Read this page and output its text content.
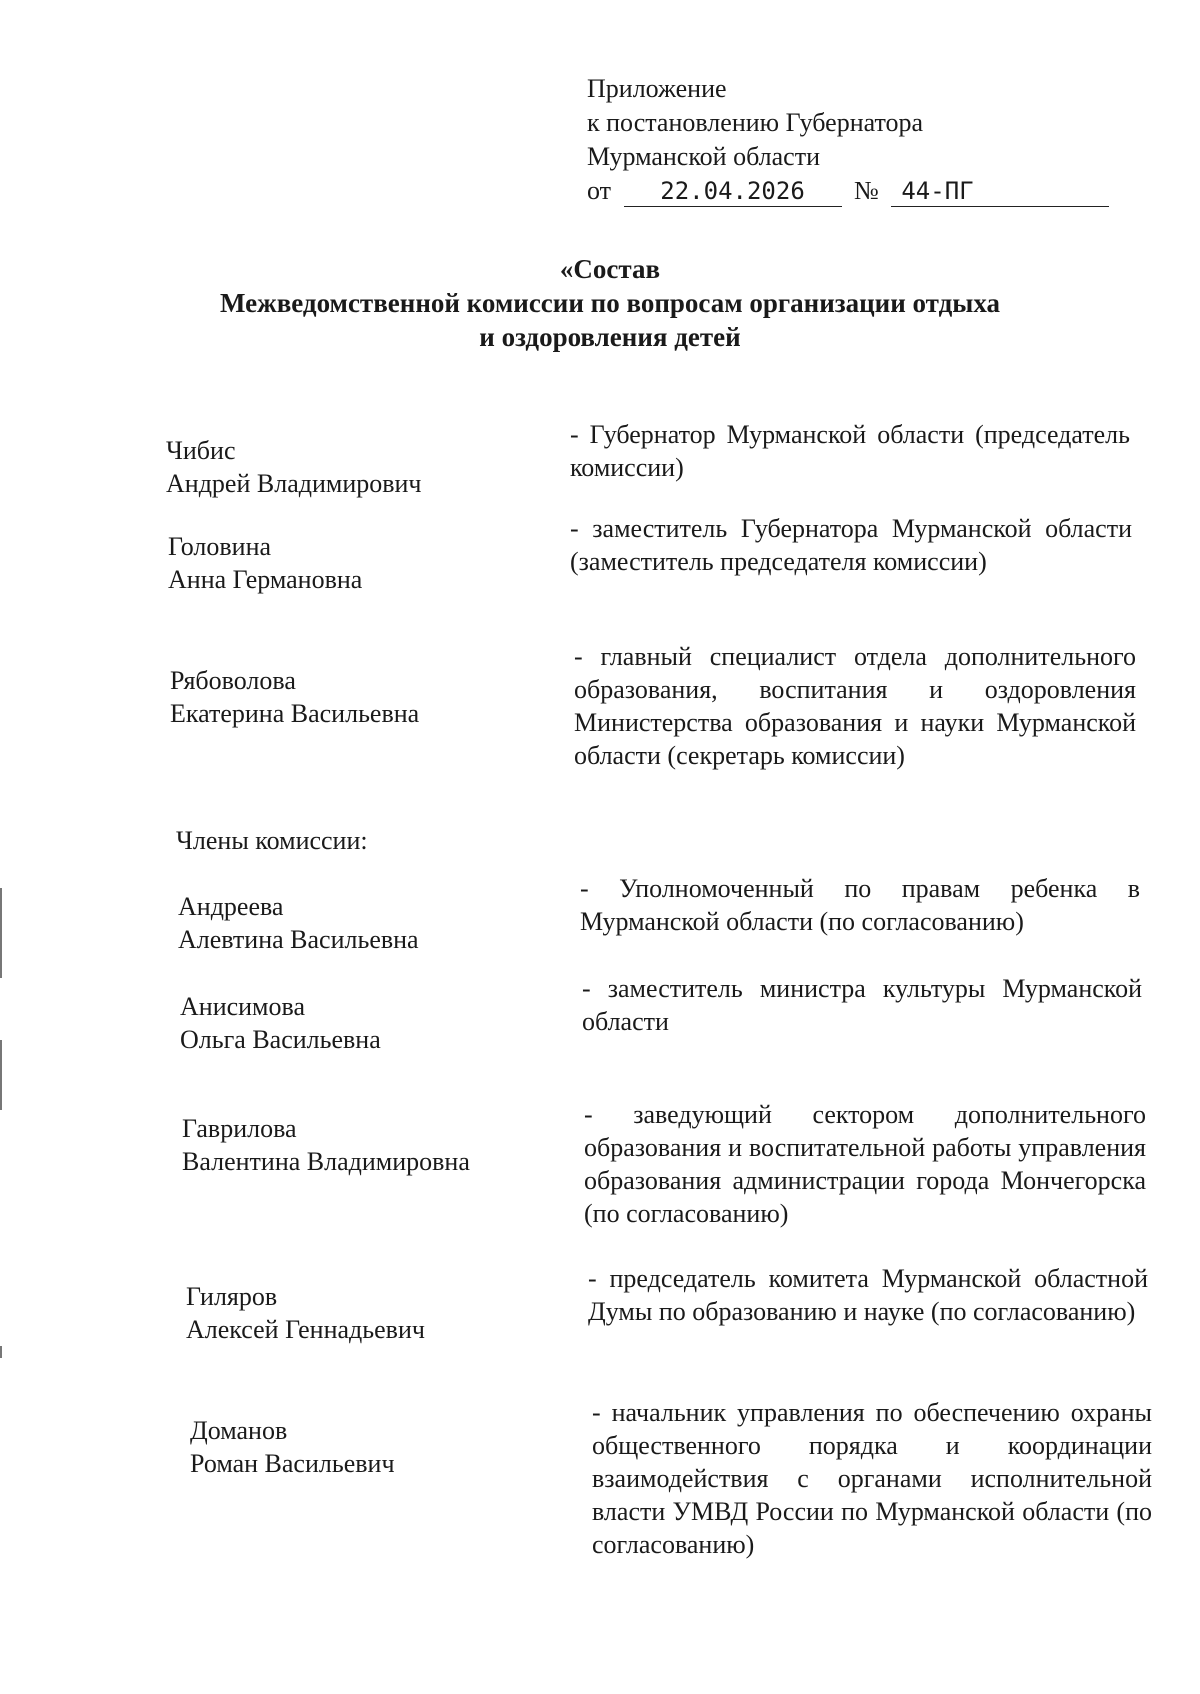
Приложение
к постановлению Губернатора
Мурманской области
от 22.04.2026 № 44-ПГ
«Состав
Межведомственной комиссии по вопросам организации отдыха
и оздоровления детей
Чибис
Андрей Владимирович
- Губернатор Мурманской области (председатель комиссии)
Головина
Анна Германовна
- заместитель Губернатора Мурманской области (заместитель председателя комиссии)
Рябоволова
Екатерина Васильевна
- главный специалист отдела дополнительного образования, воспитания и оздоровления Министерства образования и науки Мурманской области (секретарь комиссии)
Члены комиссии:
Андреева
Алевтина Васильевна
- Уполномоченный по правам ребенка в Мурманской области (по согласованию)
Анисимова
Ольга Васильевна
- заместитель министра культуры Мурманской области
Гаврилова
Валентина Владимировна
- заведующий сектором дополнительного образования и воспитательной работы управления образования администрации города Мончегорска (по согласованию)
Гиляров
Алексей Геннадьевич
- председатель комитета Мурманской областной Думы по образованию и науке (по согласованию)
Доманов
Роман Васильевич
- начальник управления по обеспечению охраны общественного порядка и координации взаимодействия с органами исполнительной власти УМВД России по Мурманской области (по согласованию)
